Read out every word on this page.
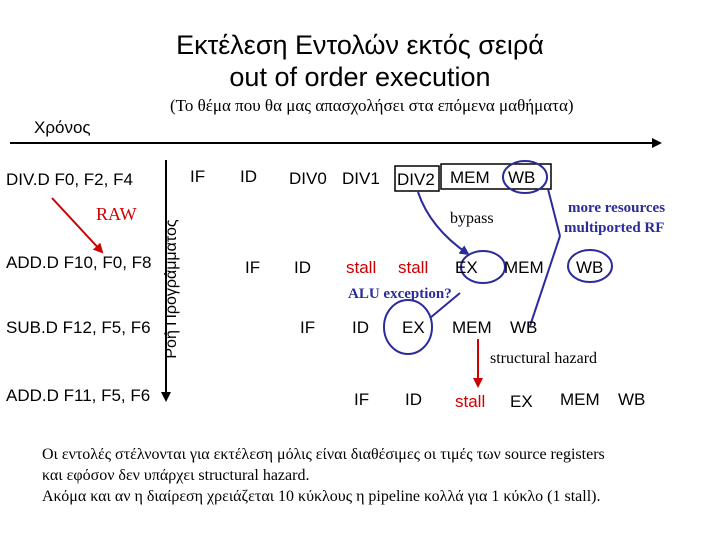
Εκτέλεση Εντολών εκτός σειρά
out of order execution
(Το θέμα που θα μας απασχολήσει στα επόμενα μαθήματα)
Χρόνος
Ροή Προγράμματος
DIV.D F0, F2, F4
ADD.D F10, F0, F8
SUB.D F12, F5, F6
ADD.D F11, F5, F6
RAW
IF ID DIV0 DIV1 DIV2 MEM WB
IF ID stall stall EX MEM WB
IF ID EX MEM WB
IF ID stall EX MEM WB
bypass
more resources
multiported RF
ALU exception?
structural hazard
Οι εντολές στέλνονται για εκτέλεση μόλις είναι διαθέσιμες οι τιμές των source registers
και εφόσον δεν υπάρχει structural hazard.
Ακόμα και αν η διαίρεση χρειάζεται 10 κύκλους η pipeline κολλά για 1 κύκλο (1 stall).
